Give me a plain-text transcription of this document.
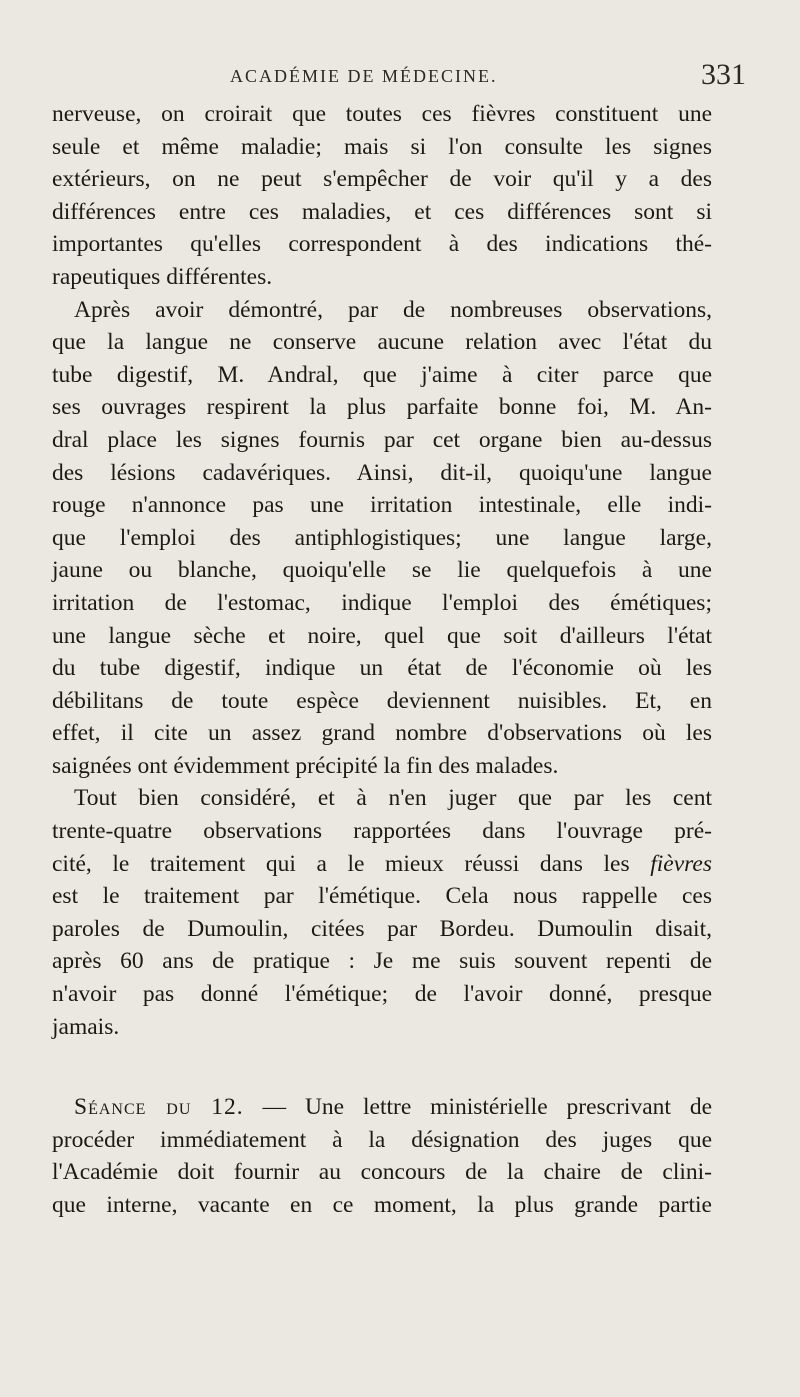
ACADÉMIE DE MÉDECINE.	331
nerveuse, on croirait que toutes ces fièvres constituent une
seule et même maladie; mais si l'on consulte les signes
extérieurs, on ne peut s'empêcher de voir qu'il y a des
différences entre ces maladies, et ces différences sont si
importantes qu'elles correspondent à des indications thé-
rapeutiques différentes.
Après avoir démontré, par de nombreuses observations,
que la langue ne conserve aucune relation avec l'état du
tube digestif, M. Andral, que j'aime à citer parce que
ses ouvrages respirent la plus parfaite bonne foi, M. An-
dral place les signes fournis par cet organe bien au-dessus
des lésions cadavériques. Ainsi, dit-il, quoiqu'une langue
rouge n'annonce pas une irritation intestinale, elle indi-
que l'emploi des antiphlogistiques; une langue large,
jaune ou blanche, quoiqu'elle se lie quelquefois à une
irritation de l'estomac, indique l'emploi des émétiques;
une langue sèche et noire, quel que soit d'ailleurs l'état
du tube digestif, indique un état de l'économie où les
débilitans de toute espèce deviennent nuisibles. Et, en
effet, il cite un assez grand nombre d'observations où les
saignées ont évidemment précipité la fin des malades.
Tout bien considéré, et à n'en juger que par les cent
trente-quatre observations rapportées dans l'ouvrage pré-
cité, le traitement qui a le mieux réussi dans les fièvres
est le traitement par l'émétique. Cela nous rappelle ces
paroles de Dumoulin, citées par Bordeu. Dumoulin disait,
après 60 ans de pratique : Je me suis souvent repenti de
n'avoir pas donné l'émétique; de l'avoir donné, presque
jamais.
Séance du 12. — Une lettre ministérielle prescrivant de
procéder immédiatement à la désignation des juges que
l'Académie doit fournir au concours de la chaire de clini-
que interne, vacante en ce moment, la plus grande partie
